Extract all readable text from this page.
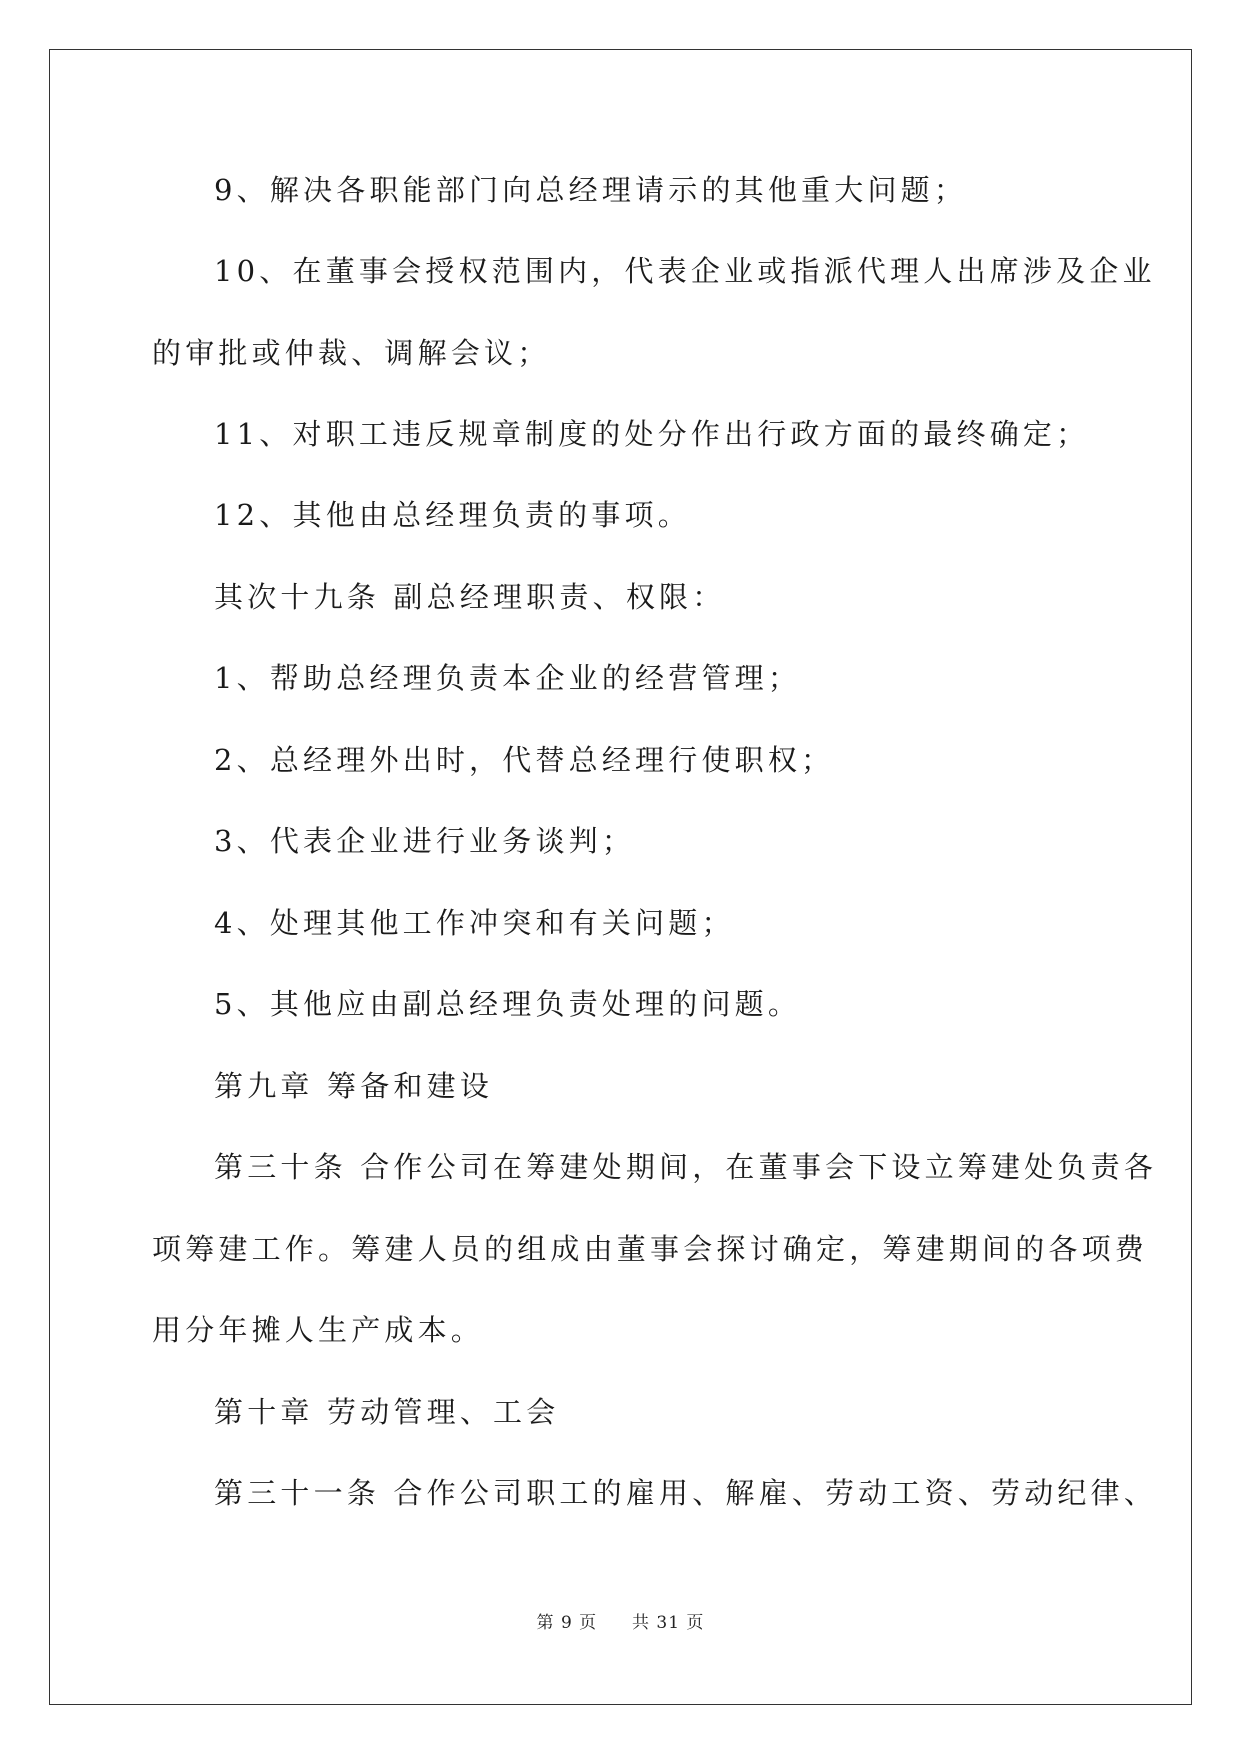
9、解决各职能部门向总经理请示的其他重大问题；
10、在董事会授权范围内，代表企业或指派代理人出席涉及企业
的审批或仲裁、调解会议；
11、对职工违反规章制度的处分作出行政方面的最终确定；
12、其他由总经理负责的事项。
其次十九条 副总经理职责、权限：
1、帮助总经理负责本企业的经营管理；
2、总经理外出时，代替总经理行使职权；
3、代表企业进行业务谈判；
4、处理其他工作冲突和有关问题；
5、其他应由副总经理负责处理的问题。
第九章 筹备和建设
第三十条 合作公司在筹建处期间，在董事会下设立筹建处负责各
项筹建工作。筹建人员的组成由董事会探讨确定，筹建期间的各项费
用分年摊人生产成本。
第十章 劳动管理、工会
第三十一条 合作公司职工的雇用、解雇、劳动工资、劳动纪律、
第 9 页 共 31 页
